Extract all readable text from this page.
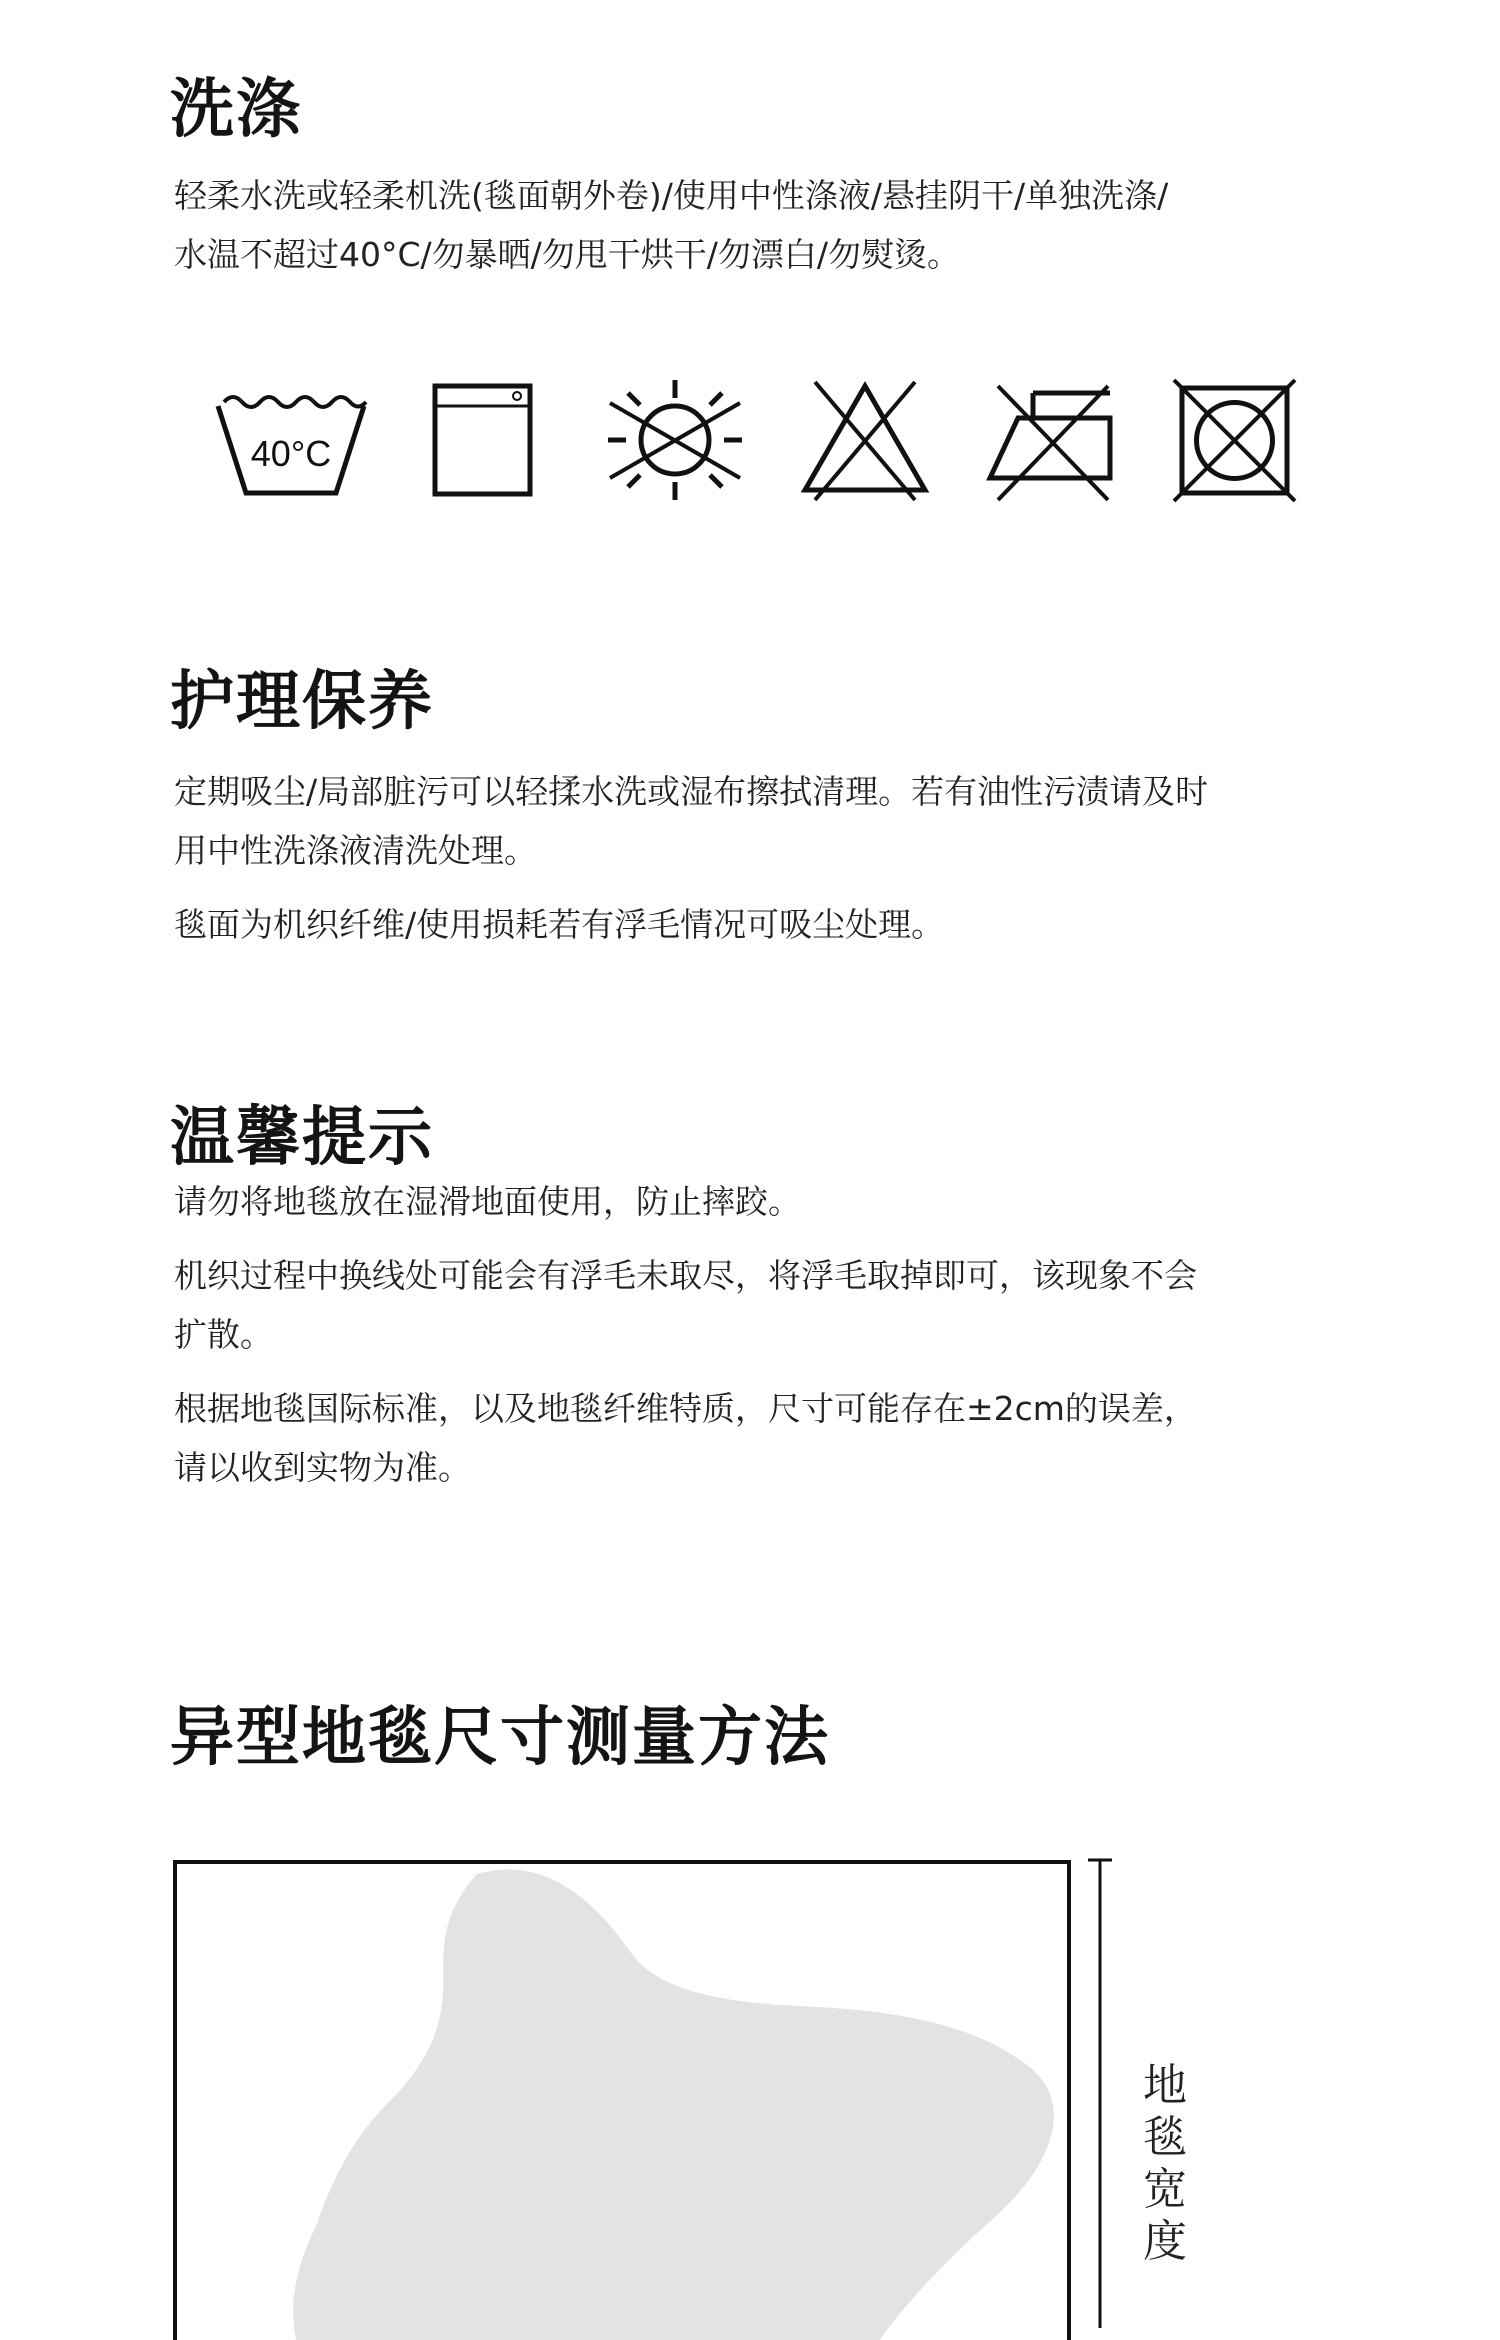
洗涤

轻柔水洗或轻柔机洗(毯面朝外卷)/使用中性涤液/悬挂阴干/单独洗涤/

水温不超过40°C/勿暴晒/勿甩干烘干/勿漂白/勿熨烫。

40°C
护理保养

定期吸尘/局部脏污可以轻揉水洗或湿布擦拭清理。若有油性污渍请及时

用中性洗涤液清洗处理。

毯面为机织纤维/使用损耗若有浮毛情况可吸尘处理。

温馨提示

请勿将地毯放在湿滑地面使用，防止摔跤。

机织过程中换线处可能会有浮毛未取尽，将浮毛取掉即可，该现象不会

扩散。

根据地毯国际标准，以及地毯纤维特质，尺寸可能存在±2cm的误差，

请以收到实物为准。

异型地毯尺寸测量方法
地毯宽度
